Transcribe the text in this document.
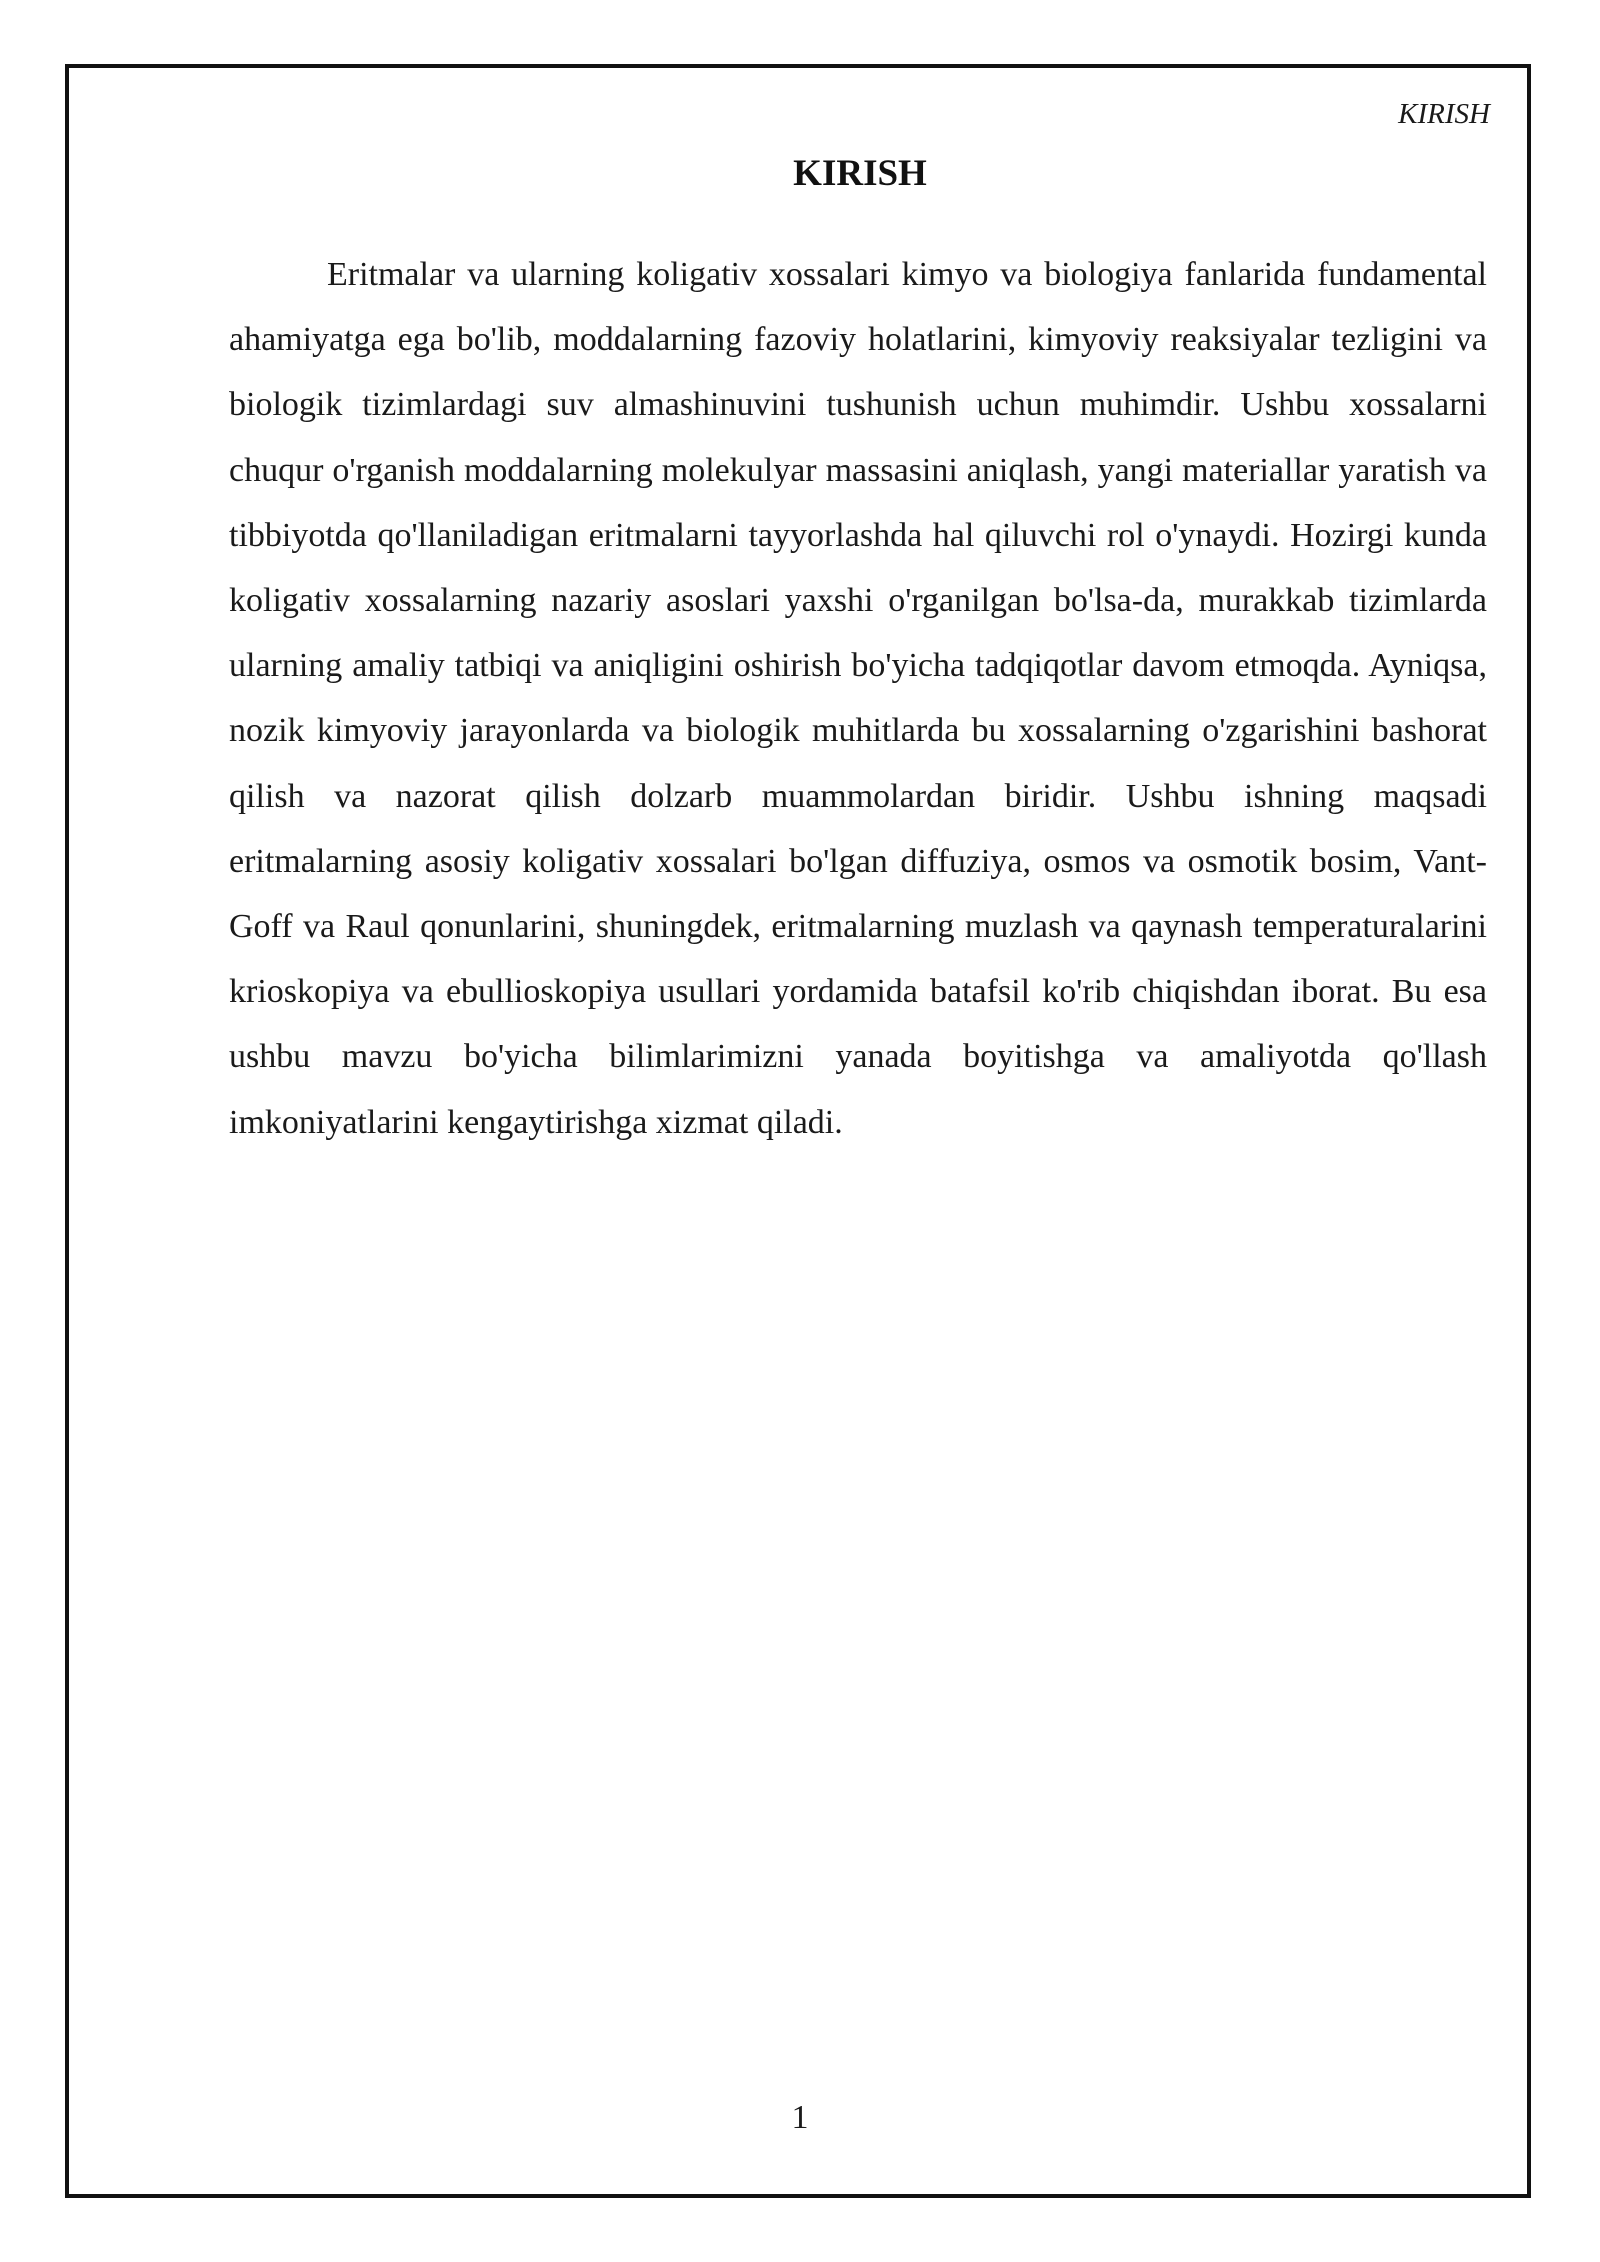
KIRISH
KIRISH

Eritmalar va ularning koligativ xossalari kimyo va biologiya fanlarida fundamental ahamiyatga ega bo'lib, moddalarning fazoviy holatlarini, kimyoviy reaksiyalar tezligini va biologik tizimlardagi suv almashinuvini tushunish uchun muhimdir. Ushbu xossalarni chuqur o'rganish moddalarning molekulyar massasini aniqlash, yangi materiallar yaratish va tibbiyotda qo'llaniladigan eritmalarni tayyorlashda hal qiluvchi rol o'ynaydi. Hozirgi kunda koligativ xossalarning nazariy asoslari yaxshi o'rganilgan bo'lsa-da, murakkab tizimlarda ularning amaliy tatbiqi va aniqligini oshirish bo'yicha tadqiqotlar davom etmoqda. Ayniqsa, nozik kimyoviy jarayonlarda va biologik muhitlarda bu xossalarning o'zgarishini bashorat qilish va nazorat qilish dolzarb muammolardan biridir. Ushbu ishning maqsadi eritmalarning asosiy koligativ xossalari bo'lgan diffuziya, osmos va osmotik bosim, Vant-Goff va Raul qonunlarini, shuningdek, eritmalarning muzlash va qaynash temperaturalarini krioskopiya va ebullioskopiya usullari yordamida batafsil ko'rib chiqishdan iborat. Bu esa ushbu mavzu bo'yicha bilimlarimizni yanada boyitishga va amaliyotda qo'llash imkoniyatlarini kengaytirishga xizmat qiladi.

1
